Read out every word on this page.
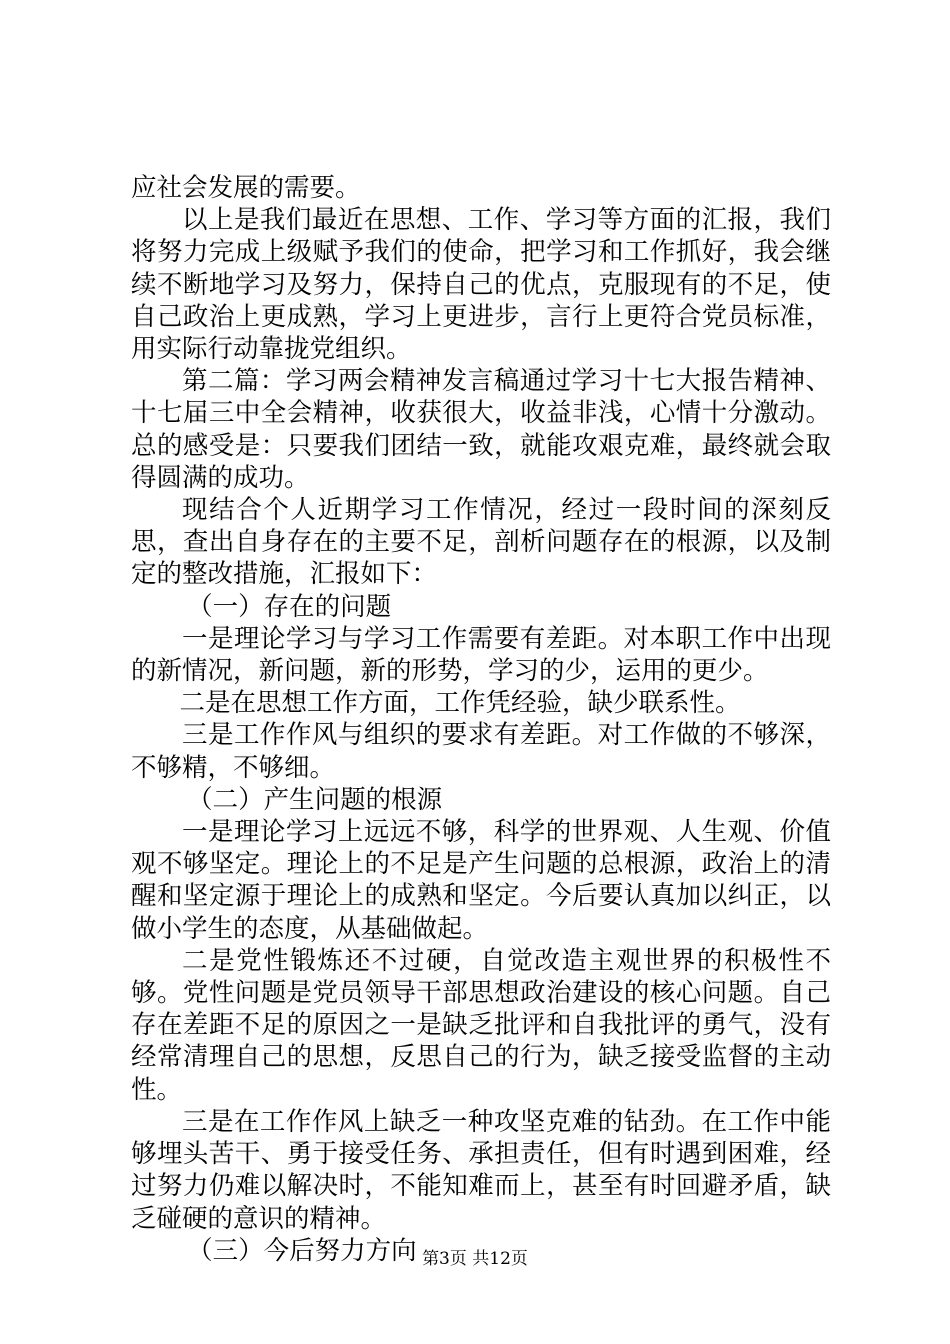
应社会发展的需要。

以上是我们最近在思想、工作、学习等方面的汇报，我们将努力完成上级赋予我们的使命，把学习和工作抓好，我会继续不断地学习及努力，保持自己的优点，克服现有的不足，使自己政治上更成熟，学习上更进步，言行上更符合党员标准，用实际行动靠拢党组织。

第二篇：学习两会精神发言稿通过学习十七大报告精神、十七届三中全会精神，收获很大，收益非浅，心情十分激动。总的感受是：只要我们团结一致，就能攻艰克难，最终就会取得圆满的成功。

现结合个人近期学习工作情况，经过一段时间的深刻反思，查出自身存在的主要不足，剖析问题存在的根源，以及制定的整改措施，汇报如下：

（一）存在的问题

一是理论学习与学习工作需要有差距。对本职工作中出现的新情况，新问题，新的形势，学习的少，运用的更少。

二是在思想工作方面，工作凭经验，缺少联系性。

三是工作作风与组织的要求有差距。对工作做的不够深，不够精，不够细。

（二）产生问题的根源

一是理论学习上远远不够，科学的世界观、人生观、价值观不够坚定。理论上的不足是产生问题的总根源，政治上的清醒和坚定源于理论上的成熟和坚定。今后要认真加以纠正，以做小学生的态度，从基础做起。

二是党性锻炼还不过硬，自觉改造主观世界的积极性不够。党性问题是党员领导干部思想政治建设的核心问题。自己存在差距不足的原因之一是缺乏批评和自我批评的勇气，没有经常清理自己的思想，反思自己的行为，缺乏接受监督的主动性。

三是在工作作风上缺乏一种攻坚克难的钻劲。在工作中能够埋头苦干、勇于接受任务、承担责任，但有时遇到困难，经过努力仍难以解决时，不能知难而上，甚至有时回避矛盾，缺乏碰硬的意识的精神。

（三）今后努力方向 第3页 共12页
